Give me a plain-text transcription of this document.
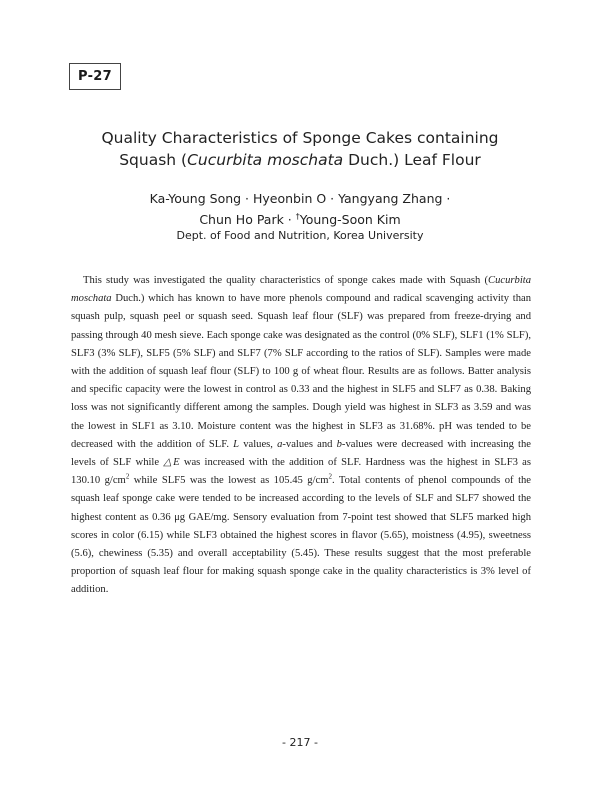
P-27
Quality Characteristics of Sponge Cakes containing
Squash (Cucurbita moschata Duch.) Leaf Flour
Ka-Young Song · Hyeonbin O · Yangyang Zhang ·
Chun Ho Park · †Young-Soon Kim
Dept. of Food and Nutrition, Korea University

This study was investigated the quality characteristics of sponge cakes made with Squash (Cucurbita moschata Duch.) which has known to have more phenols compound and radical scavenging activity than squash pulp, squash peel or squash seed. Squash leaf flour (SLF) was prepared from freeze-drying and passing through 40 mesh sieve. Each sponge cake was designated as the control (0% SLF), SLF1 (1% SLF), SLF3 (3% SLF), SLF5 (5% SLF) and SLF7 (7% SLF according to the ratios of SLF). Samples were made with the addition of squash leaf flour (SLF) to 100 g of wheat flour. Results are as follows. Batter analysis and specific capacity were the lowest in control as 0.33 and the highest in SLF5 and SLF7 as 0.38. Baking loss was not significantly different among the samples. Dough yield was highest in SLF3 as 3.59 and was the lowest in SLF1 as 3.10. Moisture content was the highest in SLF3 as 31.68%. pH was tended to be decreased with the addition of SLF. L values, a-values and b-values were decreased with increasing the levels of SLF while △E was increased with the addition of SLF. Hardness was the highest in SLF3 as 130.10 $g/cm^2$ while SLF5 was the lowest as 105.45 $g/cm^2$. Total contents of phenol compounds of the squash leaf sponge cake were tended to be increased according to the levels of SLF and SLF7 showed the highest content as 0.36 μg GAE/mg. Sensory evaluation from 7-point test showed that SLF5 marked high scores in color (6.15) while SLF3 obtained the highest scores in flavor (5.65), moistness (4.95), sweetness (5.6), chewiness (5.35) and overall acceptability (5.45). These results suggest that the most preferable proportion of squash leaf flour for making squash sponge cake in the quality characteristics is 3% level of addition.

- 217 -
